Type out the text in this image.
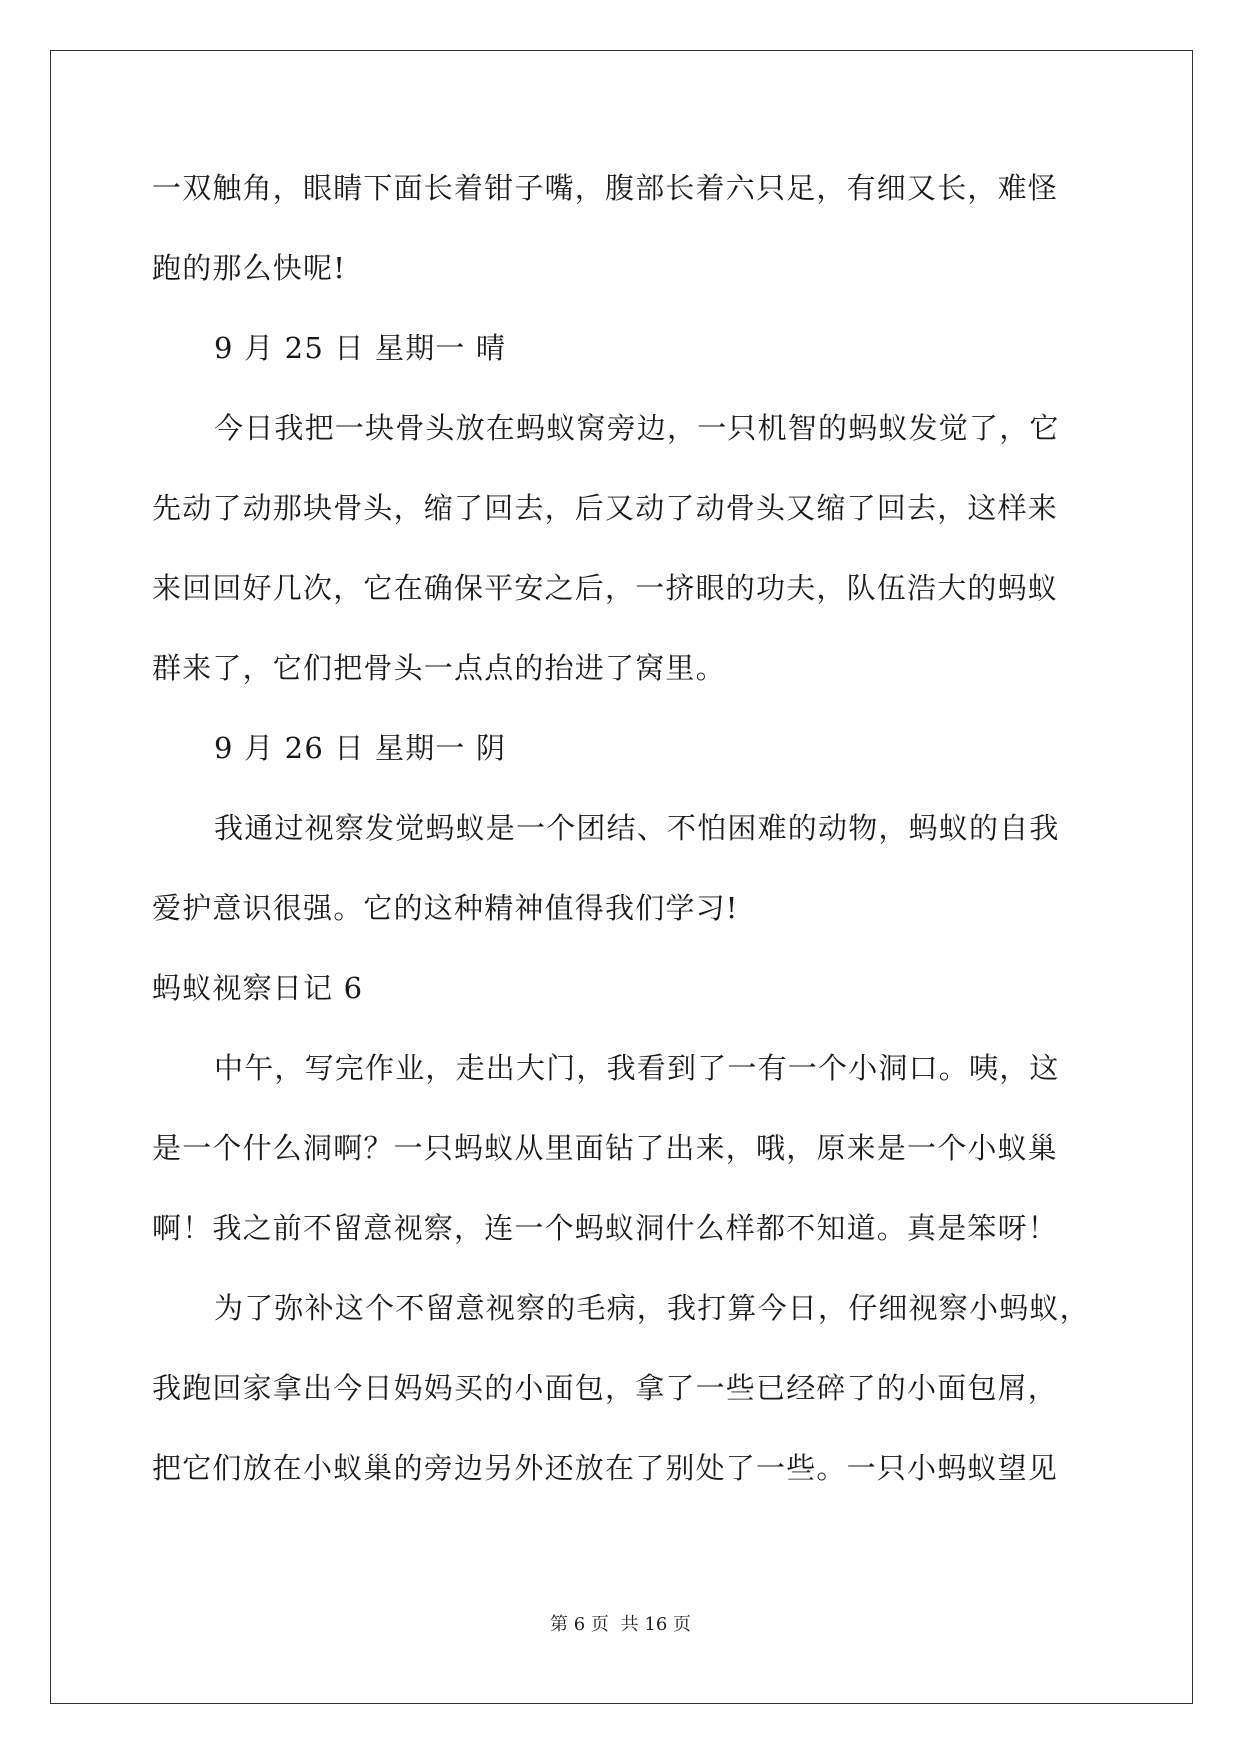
一双触角，眼睛下面长着钳子嘴，腹部长着六只足，有细又长，难怪
跑的那么快呢!
9 月 25 日 星期一 晴
今日我把一块骨头放在蚂蚁窝旁边，一只机智的蚂蚁发觉了，它
先动了动那块骨头，缩了回去，后又动了动骨头又缩了回去，这样来
来回回好几次，它在确保平安之后，一挤眼的功夫，队伍浩大的蚂蚁
群来了，它们把骨头一点点的抬进了窝里。
9 月 26 日 星期一 阴
我通过视察发觉蚂蚁是一个团结、不怕困难的动物，蚂蚁的自我
爱护意识很强。它的这种精神值得我们学习!
蚂蚁视察日记 6
中午，写完作业，走出大门，我看到了一有一个小洞口。咦，这
是一个什么洞啊？一只蚂蚁从里面钻了出来，哦，原来是一个小蚁巢
啊！我之前不留意视察，连一个蚂蚁洞什么样都不知道。真是笨呀！
为了弥补这个不留意视察的毛病，我打算今日，仔细视察小蚂蚁，
我跑回家拿出今日妈妈买的小面包，拿了一些已经碎了的小面包屑，
把它们放在小蚁巢的旁边另外还放在了别处了一些。一只小蚂蚁望见
第 6 页 共 16 页
